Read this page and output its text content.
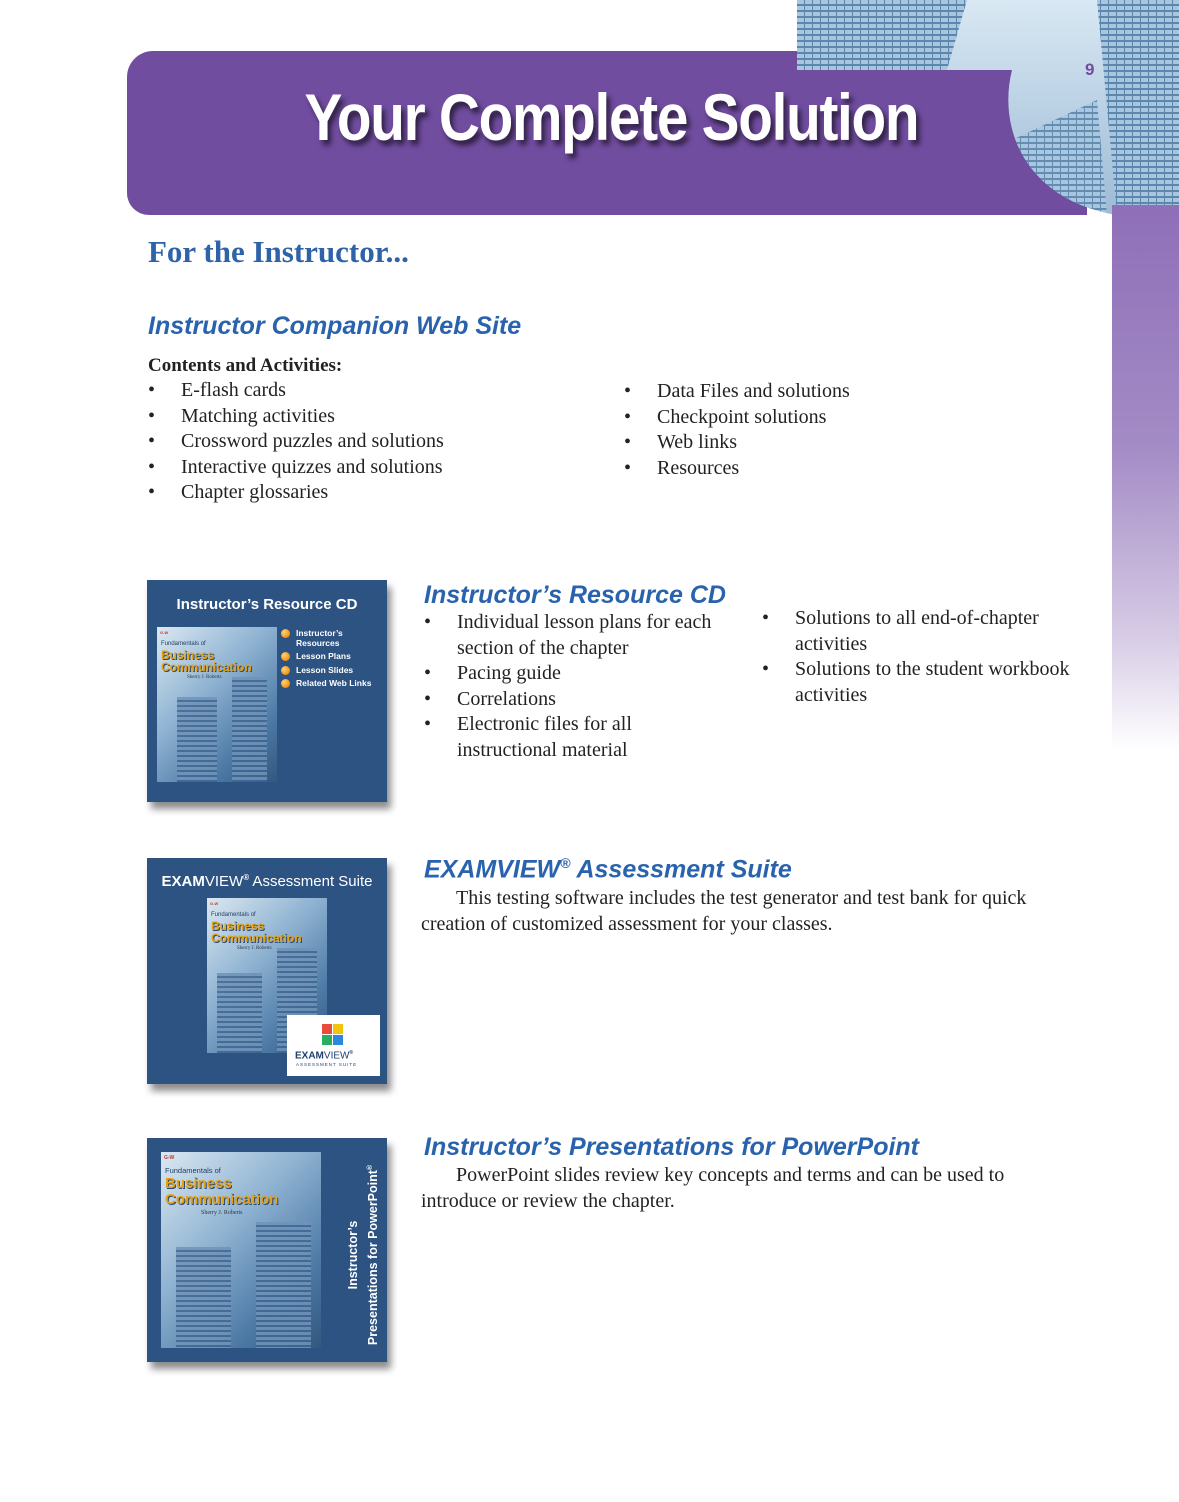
Your Complete Solution
9
For the Instructor...
Instructor Companion Web Site
Contents and Activities:
• E-flash cards
• Matching activities
• Crossword puzzles and solutions
• Interactive quizzes and solutions
• Chapter glossaries
• Data Files and solutions
• Checkpoint solutions
• Web links
• Resources
Instructor’s Resource CD
G-W
Fundamentals of
Business
Communication
Sherry J. Roberts
Instructor’s Resources
Lesson Plans
Lesson Slides
Related Web Links
Instructor’s Resource CD
• Individual lesson plans for each section of the chapter
• Pacing guide
• Correlations
• Electronic files for all instructional material
• Solutions to all end-of-chapter activities
• Solutions to the student workbook activities
EXAMVIEW® Assessment Suite
G-W
Fundamentals of
Business
Communication
Sherry J. Roberts
EXAMVIEW®
ASSESSMENT SUITE
EXAMVIEW® Assessment Suite

This testing software includes the test generator and test bank for quick creation of customized assessment for your classes.

G-W
Fundamentals of
Business
Communication
Sherry J. Roberts
Instructor’s Presentations for PowerPoint®
Instructor’s Presentations for PowerPoint

PowerPoint slides review key concepts and terms and can be used to introduce or review the chapter.
